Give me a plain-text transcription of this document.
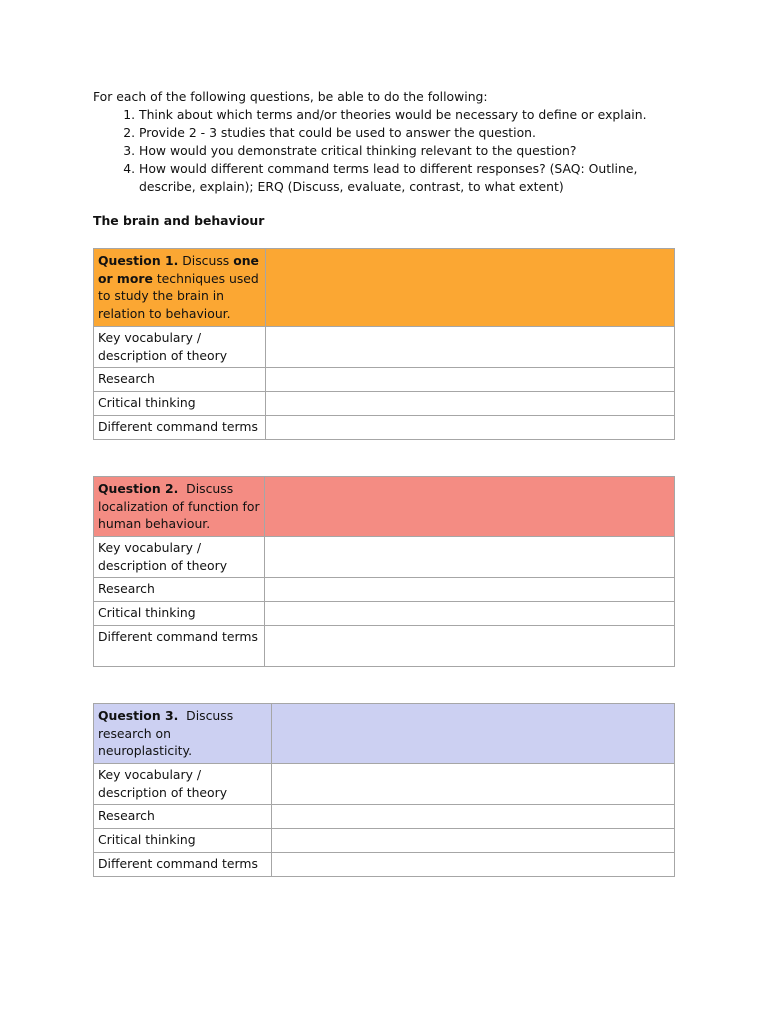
For each of the following questions, be able to do the following:

1. Think about which terms and/or theories would be necessary to define or explain.
2. Provide 2 - 3 studies that could be used to answer the question.
3. How would you demonstrate critical thinking relevant to the question?
4. How would different command terms lead to different responses? (SAQ: Outline, describe, explain); ERQ (Discuss, evaluate, contrast, to what extent)

The brain and behaviour

Question 1. Discuss one or more techniques used to study the brain in relation to behaviour.	
Key vocabulary / description of theory	
Research	
Critical thinking	
Different command terms	
Question 2.  Discuss localization of function for human behaviour.	
Key vocabulary / description of theory	
Research	
Critical thinking	
Different command terms	
Question 3.  Discuss research on neuroplasticity.	
Key vocabulary / description of theory	
Research	
Critical thinking	
Different command terms	
